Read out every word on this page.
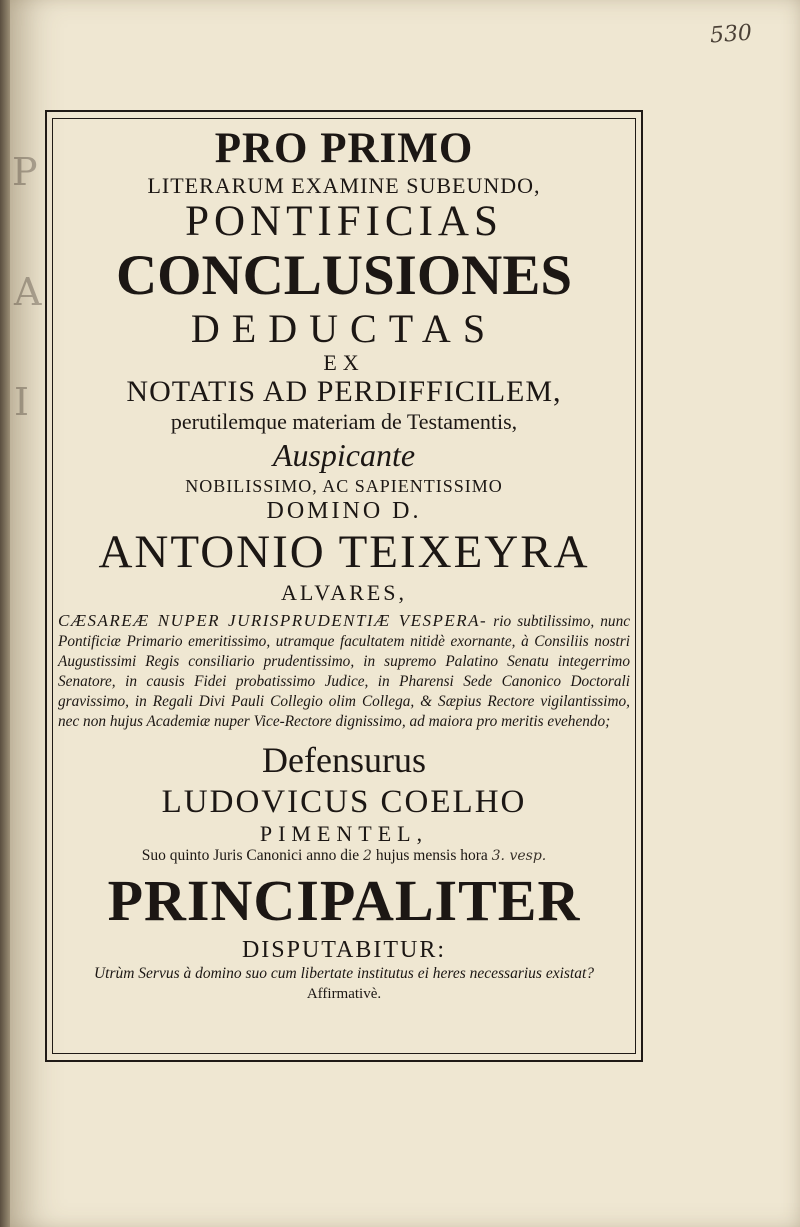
P
A
I
530
PRO PRIMO
LITERARUM EXAMINE SUBEUNDO,
PONTIFICIAS
CONCLUSIONES
DEDUCTAS
EX
NOTATIS AD PERDIFFICILEM,
perutilemque materiam de Testamentis,
Auspicante
NOBILISSIMO, AC SAPIENTISSIMO
DOMINO D.
ANTONIO TEIXEYRA
ALVARES,
CÆSAREÆ NUPER JURISPRUDENTIÆ VESPERA- rio subtilissimo, nunc Pontificiæ Primario emeritissimo, utramque facultatem nitidè exornante, à Consiliis nostri Augustissimi Regis consiliario prudentissimo, in supremo Palatino Senatu integerrimo Senatore, in causis Fidei probatissimo Judice, in Pharensi Sede Canonico Doctorali gravissimo, in Regali Divi Pauli Collegio olim Collega, & Sæpius Rectore vigilantissimo, nec non hujus Academiæ nuper Vice-Rectore dignissimo, ad maiora pro meritis evehendo;
Defensurus
LUDOVICUS COELHO
PIMENTEL,
Suo quinto Juris Canonici anno die 2 hujus mensis hora 3. vesp.
PRINCIPALITER
DISPUTABITUR:
Utrùm Servus à domino suo cum libertate institutus ei heres necessarius existat?
Affirmativè.
